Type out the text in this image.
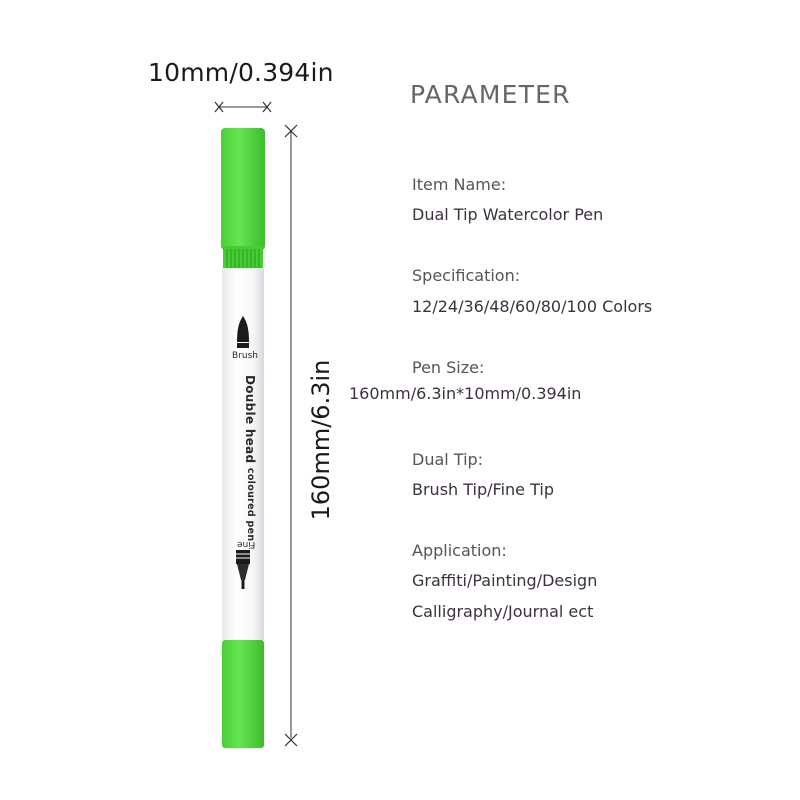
10mm/0.394in
160mm/6.3in
Brush
Double head coloured pen
Fine
PARAMETER
Item Name:
Dual Tip Watercolor Pen
Specification:
12/24/36/48/60/80/100 Colors
Pen Size:
160mm/6.3in*10mm/0.394in
Dual Tip:
Brush Tip/Fine Tip
Application:
Graffiti/Painting/Design
Calligraphy/Journal ect
